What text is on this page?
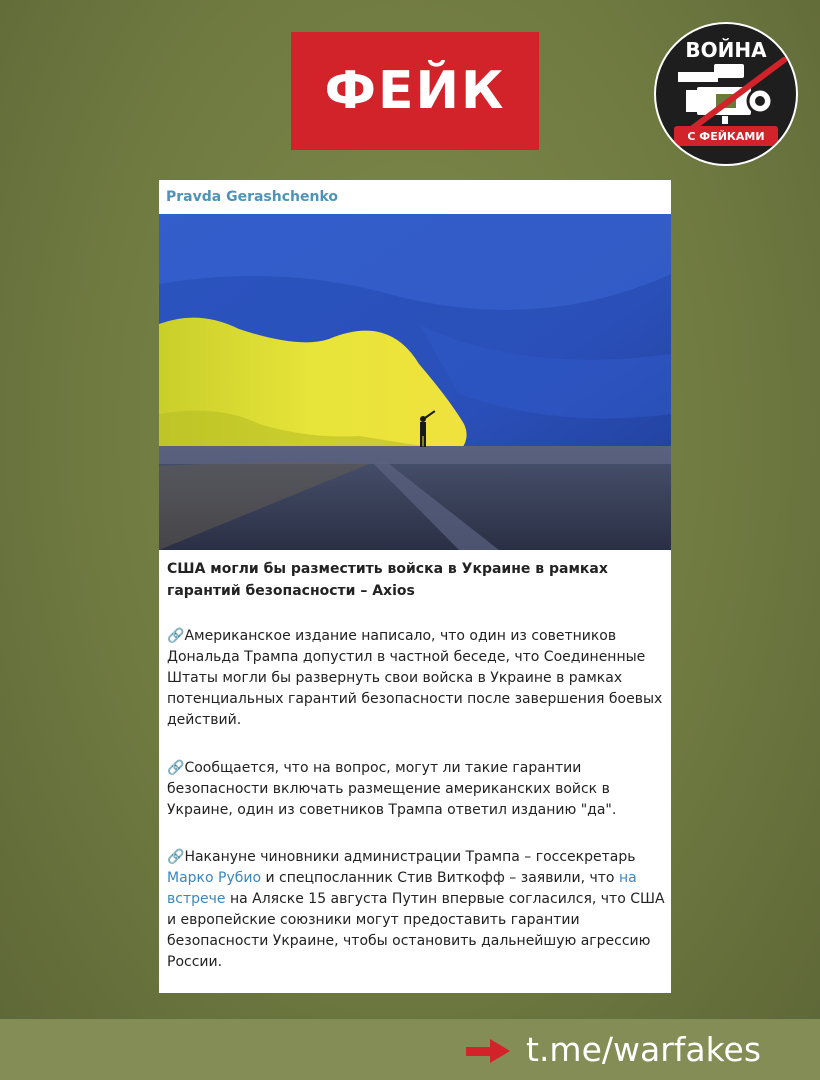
ФЕЙК
ВОЙНА
С ФЕЙКАМИ
Pravda Gerashchenko
США могли бы разместить войска в Украине в рамках гарантий безопасности – Axios
🔗Американское издание написало, что один из советников Дональда Трампа допустил в частной беседе, что Соединенные Штаты могли бы развернуть свои войска в Украине в рамках потенциальных гарантий безопасности после завершения боевых действий.
🔗Сообщается, что на вопрос, могут ли такие гарантии безопасности включать размещение американских войск в Украине, один из советников Трампа ответил изданию "да".
🔗Накануне чиновники администрации Трампа – госсекретарь Марко Рубио и спецпосланник Стив Виткофф – заявили, что на встрече на Аляске 15 августа Путин впервые согласился, что США и европейские союзники могут предоставить гарантии безопасности Украине, чтобы остановить дальнейшую агрессию России.
t.me/warfakes
